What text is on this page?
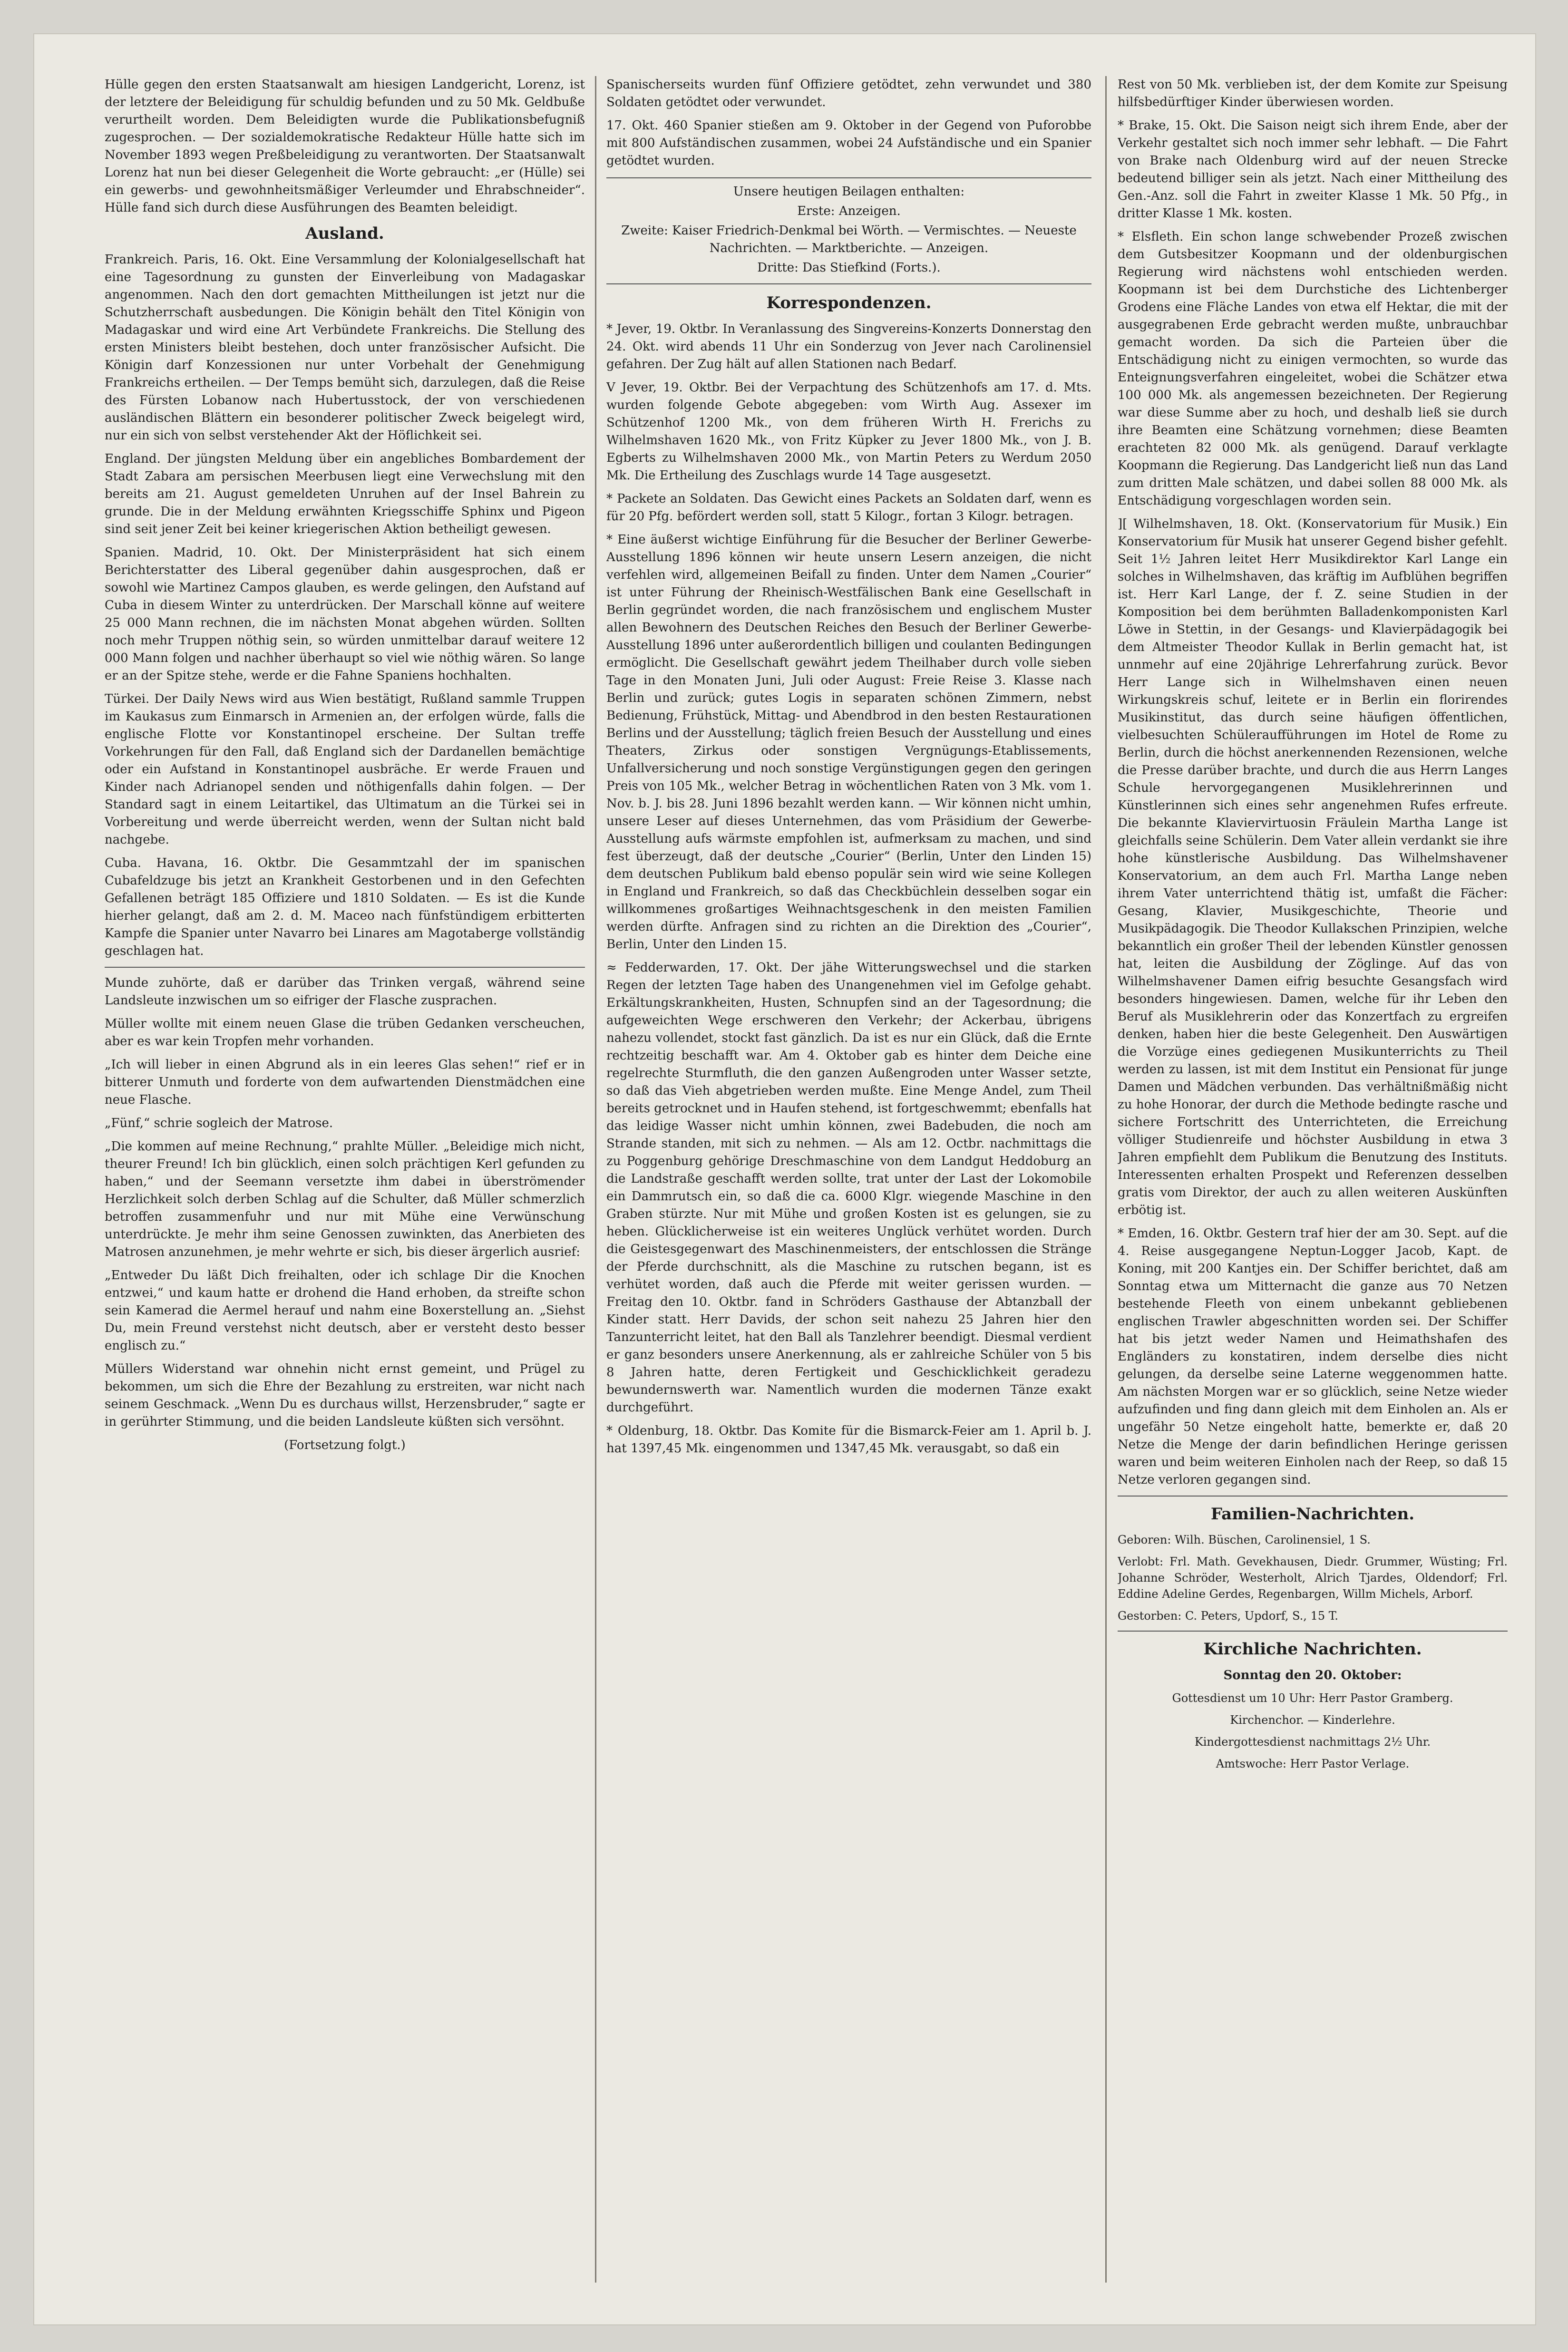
Hülle gegen den ersten Staatsanwalt am hiesigen Landgericht, Lorenz, ist der letztere der Beleidigung für schuldig befunden und zu 50 Mk. Geldbuße verurtheilt worden. Dem Beleidigten wurde die Publikationsbefugniß zugesprochen. — Der sozialdemokratische Redakteur Hülle hatte sich im November 1893 wegen Preßbeleidigung zu verantworten. Der Staatsanwalt Lorenz hat nun bei dieser Gelegenheit die Worte gebraucht: „er (Hülle) sei ein gewerbs- und gewohnheitsmäßiger Verleumder und Ehrabschneider“. Hülle fand sich durch diese Ausführungen des Beamten beleidigt.

Ausland.

Frankreich. Paris, 16. Okt. Eine Versammlung der Kolonialgesellschaft hat eine Tagesordnung zu gunsten der Einverleibung von Madagaskar angenommen. Nach den dort gemachten Mittheilungen ist jetzt nur die Schutzherrschaft ausbedungen. Die Königin behält den Titel Königin von Madagaskar und wird eine Art Verbündete Frankreichs. Die Stellung des ersten Ministers bleibt bestehen, doch unter französischer Aufsicht. Die Königin darf Konzessionen nur unter Vorbehalt der Genehmigung Frankreichs ertheilen. — Der Temps bemüht sich, darzulegen, daß die Reise des Fürsten Lobanow nach Hubertusstock, der von verschiedenen ausländischen Blättern ein besonderer politischer Zweck beigelegt wird, nur ein sich von selbst verstehender Akt der Höflichkeit sei.

England. Der jüngsten Meldung über ein angebliches Bombardement der Stadt Zabara am persischen Meerbusen liegt eine Verwechslung mit den bereits am 21. August gemeldeten Unruhen auf der Insel Bahrein zu grunde. Die in der Meldung erwähnten Kriegsschiffe Sphinx und Pigeon sind seit jener Zeit bei keiner kriegerischen Aktion betheiligt gewesen.

Spanien. Madrid, 10. Okt. Der Ministerpräsident hat sich einem Berichterstatter des Liberal gegenüber dahin ausgesprochen, daß er sowohl wie Martinez Campos glauben, es werde gelingen, den Aufstand auf Cuba in diesem Winter zu unterdrücken. Der Marschall könne auf weitere 25 000 Mann rechnen, die im nächsten Monat abgehen würden. Sollten noch mehr Truppen nöthig sein, so würden unmittelbar darauf weitere 12 000 Mann folgen und nachher überhaupt so viel wie nöthig wären. So lange er an der Spitze stehe, werde er die Fahne Spaniens hochhalten.

Türkei. Der Daily News wird aus Wien bestätigt, Rußland sammle Truppen im Kaukasus zum Einmarsch in Armenien an, der erfolgen würde, falls die englische Flotte vor Konstantinopel erscheine. Der Sultan treffe Vorkehrungen für den Fall, daß England sich der Dardanellen bemächtige oder ein Aufstand in Konstantinopel ausbräche. Er werde Frauen und Kinder nach Adrianopel senden und nöthigenfalls dahin folgen. — Der Standard sagt in einem Leitartikel, das Ultimatum an die Türkei sei in Vorbereitung und werde überreicht werden, wenn der Sultan nicht bald nachgebe.

Cuba. Havana, 16. Oktbr. Die Gesammtzahl der im spanischen Cubafeldzuge bis jetzt an Krankheit Gestorbenen und in den Gefechten Gefallenen beträgt 185 Offiziere und 1810 Soldaten. — Es ist die Kunde hierher gelangt, daß am 2. d. M. Maceo nach fünfstündigem erbitterten Kampfe die Spanier unter Navarro bei Linares am Magotaberge vollständig geschlagen hat.

Munde zuhörte, daß er darüber das Trinken vergaß, während seine Landsleute inzwischen um so eifriger der Flasche zusprachen.

Müller wollte mit einem neuen Glase die trüben Gedanken verscheuchen, aber es war kein Tropfen mehr vorhanden.

„Ich will lieber in einen Abgrund als in ein leeres Glas sehen!“ rief er in bitterer Unmuth und forderte von dem aufwartenden Dienstmädchen eine neue Flasche.

„Fünf,“ schrie sogleich der Matrose.

„Die kommen auf meine Rechnung,“ prahlte Müller. „Beleidige mich nicht, theurer Freund! Ich bin glücklich, einen solch prächtigen Kerl gefunden zu haben,“ und der Seemann versetzte ihm dabei in überströmender Herzlichkeit solch derben Schlag auf die Schulter, daß Müller schmerzlich betroffen zusammenfuhr und nur mit Mühe eine Verwünschung unterdrückte. Je mehr ihm seine Genossen zuwinkten, das Anerbieten des Matrosen anzunehmen, je mehr wehrte er sich, bis dieser ärgerlich ausrief:

„Entweder Du läßt Dich freihalten, oder ich schlage Dir die Knochen entzwei,“ und kaum hatte er drohend die Hand erhoben, da streifte schon sein Kamerad die Aermel herauf und nahm eine Boxerstellung an. „Siehst Du, mein Freund verstehst nicht deutsch, aber er versteht desto besser englisch zu.“

Müllers Widerstand war ohnehin nicht ernst gemeint, und Prügel zu bekommen, um sich die Ehre der Bezahlung zu erstreiten, war nicht nach seinem Geschmack. „Wenn Du es durchaus willst, Herzensbruder,“ sagte er in gerührter Stimmung, und die beiden Landsleute küßten sich versöhnt.

(Fortsetzung folgt.)

Spanischerseits wurden fünf Offiziere getödtet, zehn verwundet und 380 Soldaten getödtet oder verwundet.

17. Okt. 460 Spanier stießen am 9. Oktober in der Gegend von Puforobbe mit 800 Aufständischen zusammen, wobei 24 Aufständische und ein Spanier getödtet wurden.

Unsere heutigen Beilagen enthalten:

Erste: Anzeigen.

Zweite: Kaiser Friedrich-Denkmal bei Wörth. — Vermischtes. — Neueste Nachrichten. — Marktberichte. — Anzeigen.

Dritte: Das Stiefkind (Forts.).

Korrespondenzen.

* Jever, 19. Oktbr. In Veranlassung des Singvereins-Konzerts Donnerstag den 24. Okt. wird abends 11 Uhr ein Sonderzug von Jever nach Carolinensiel gefahren. Der Zug hält auf allen Stationen nach Bedarf.

V Jever, 19. Oktbr. Bei der Verpachtung des Schützenhofs am 17. d. Mts. wurden folgende Gebote abgegeben: vom Wirth Aug. Assexer im Schützenhof 1200 Mk., von dem früheren Wirth H. Frerichs zu Wilhelmshaven 1620 Mk., von Fritz Küpker zu Jever 1800 Mk., von J. B. Egberts zu Wilhelmshaven 2000 Mk., von Martin Peters zu Werdum 2050 Mk. Die Ertheilung des Zuschlags wurde 14 Tage ausgesetzt.

* Packete an Soldaten. Das Gewicht eines Packets an Soldaten darf, wenn es für 20 Pfg. befördert werden soll, statt 5 Kilogr., fortan 3 Kilogr. betragen.

* Eine äußerst wichtige Einführung für die Besucher der Berliner Gewerbe-Ausstellung 1896 können wir heute unsern Lesern anzeigen, die nicht verfehlen wird, allgemeinen Beifall zu finden. Unter dem Namen „Courier“ ist unter Führung der Rheinisch-Westfälischen Bank eine Gesellschaft in Berlin gegründet worden, die nach französischem und englischem Muster allen Bewohnern des Deutschen Reiches den Besuch der Berliner Gewerbe-Ausstellung 1896 unter außerordentlich billigen und coulanten Bedingungen ermöglicht. Die Gesellschaft gewährt jedem Theilhaber durch volle sieben Tage in den Monaten Juni, Juli oder August: Freie Reise 3. Klasse nach Berlin und zurück; gutes Logis in separaten schönen Zimmern, nebst Bedienung, Frühstück, Mittag- und Abendbrod in den besten Restaurationen Berlins und der Ausstellung; täglich freien Besuch der Ausstellung und eines Theaters, Zirkus oder sonstigen Vergnügungs-Etablissements, Unfallversicherung und noch sonstige Vergünstigungen gegen den geringen Preis von 105 Mk., welcher Betrag in wöchentlichen Raten von 3 Mk. vom 1. Nov. b. J. bis 28. Juni 1896 bezahlt werden kann. — Wir können nicht umhin, unsere Leser auf dieses Unternehmen, das vom Präsidium der Gewerbe-Ausstellung aufs wärmste empfohlen ist, aufmerksam zu machen, und sind fest überzeugt, daß der deutsche „Courier“ (Berlin, Unter den Linden 15) dem deutschen Publikum bald ebenso populär sein wird wie seine Kollegen in England und Frankreich, so daß das Checkbüchlein desselben sogar ein willkommenes großartiges Weihnachtsgeschenk in den meisten Familien werden dürfte. Anfragen sind zu richten an die Direktion des „Courier“, Berlin, Unter den Linden 15.

≈ Fedderwarden, 17. Okt. Der jähe Witterungswechsel und die starken Regen der letzten Tage haben des Unangenehmen viel im Gefolge gehabt. Erkältungskrankheiten, Husten, Schnupfen sind an der Tagesordnung; die aufgeweichten Wege erschweren den Verkehr; der Ackerbau, übrigens nahezu vollendet, stockt fast gänzlich. Da ist es nur ein Glück, daß die Ernte rechtzeitig beschafft war. Am 4. Oktober gab es hinter dem Deiche eine regelrechte Sturmfluth, die den ganzen Außengroden unter Wasser setzte, so daß das Vieh abgetrieben werden mußte. Eine Menge Andel, zum Theil bereits getrocknet und in Haufen stehend, ist fortgeschwemmt; ebenfalls hat das leidige Wasser nicht umhin können, zwei Badebuden, die noch am Strande standen, mit sich zu nehmen. — Als am 12. Octbr. nachmittags die zu Poggenburg gehörige Dreschmaschine von dem Landgut Heddoburg an die Landstraße geschafft werden sollte, trat unter der Last der Lokomobile ein Dammrutsch ein, so daß die ca. 6000 Klgr. wiegende Maschine in den Graben stürzte. Nur mit Mühe und großen Kosten ist es gelungen, sie zu heben. Glücklicherweise ist ein weiteres Unglück verhütet worden. Durch die Geistesgegenwart des Maschinenmeisters, der entschlossen die Stränge der Pferde durchschnitt, als die Maschine zu rutschen begann, ist es verhütet worden, daß auch die Pferde mit weiter gerissen wurden. — Freitag den 10. Oktbr. fand in Schröders Gasthause der Abtanzball der Kinder statt. Herr Davids, der schon seit nahezu 25 Jahren hier den Tanzunterricht leitet, hat den Ball als Tanzlehrer beendigt. Diesmal verdient er ganz besonders unsere Anerkennung, als er zahlreiche Schüler von 5 bis 8 Jahren hatte, deren Fertigkeit und Geschicklichkeit geradezu bewundernswerth war. Namentlich wurden die modernen Tänze exakt durchgeführt.

* Oldenburg, 18. Oktbr. Das Komite für die Bismarck-Feier am 1. April b. J. hat 1397,45 Mk. eingenommen und 1347,45 Mk. verausgabt, so daß ein

Rest von 50 Mk. verblieben ist, der dem Komite zur Speisung hilfsbedürftiger Kinder überwiesen worden.

* Brake, 15. Okt. Die Saison neigt sich ihrem Ende, aber der Verkehr gestaltet sich noch immer sehr lebhaft. — Die Fahrt von Brake nach Oldenburg wird auf der neuen Strecke bedeutend billiger sein als jetzt. Nach einer Mittheilung des Gen.-Anz. soll die Fahrt in zweiter Klasse 1 Mk. 50 Pfg., in dritter Klasse 1 Mk. kosten.

* Elsfleth. Ein schon lange schwebender Prozeß zwischen dem Gutsbesitzer Koopmann und der oldenburgischen Regierung wird nächstens wohl entschieden werden. Koopmann ist bei dem Durchstiche des Lichtenberger Grodens eine Fläche Landes von etwa elf Hektar, die mit der ausgegrabenen Erde gebracht werden mußte, unbrauchbar gemacht worden. Da sich die Parteien über die Entschädigung nicht zu einigen vermochten, so wurde das Enteignungsverfahren eingeleitet, wobei die Schätzer etwa 100 000 Mk. als angemessen bezeichneten. Der Regierung war diese Summe aber zu hoch, und deshalb ließ sie durch ihre Beamten eine Schätzung vornehmen; diese Beamten erachteten 82 000 Mk. als genügend. Darauf verklagte Koopmann die Regierung. Das Landgericht ließ nun das Land zum dritten Male schätzen, und dabei sollen 88 000 Mk. als Entschädigung vorgeschlagen worden sein.

][ Wilhelmshaven, 18. Okt. (Konservatorium für Musik.) Ein Konservatorium für Musik hat unserer Gegend bisher gefehlt. Seit 1½ Jahren leitet Herr Musikdirektor Karl Lange ein solches in Wilhelmshaven, das kräftig im Aufblühen begriffen ist. Herr Karl Lange, der f. Z. seine Studien in der Komposition bei dem berühmten Balladenkomponisten Karl Löwe in Stettin, in der Gesangs- und Klavierpädagogik bei dem Altmeister Theodor Kullak in Berlin gemacht hat, ist unnmehr auf eine 20jährige Lehrerfahrung zurück. Bevor Herr Lange sich in Wilhelmshaven einen neuen Wirkungskreis schuf, leitete er in Berlin ein florirendes Musikinstitut, das durch seine häufigen öffentlichen, vielbesuchten Schüleraufführungen im Hotel de Rome zu Berlin, durch die höchst anerkennenden Rezensionen, welche die Presse darüber brachte, und durch die aus Herrn Langes Schule hervorgegangenen Musiklehrerinnen und Künstlerinnen sich eines sehr angenehmen Rufes erfreute. Die bekannte Klaviervirtuosin Fräulein Martha Lange ist gleichfalls seine Schülerin. Dem Vater allein verdankt sie ihre hohe künstlerische Ausbildung. Das Wilhelmshavener Konservatorium, an dem auch Frl. Martha Lange neben ihrem Vater unterrichtend thätig ist, umfaßt die Fächer: Gesang, Klavier, Musikgeschichte, Theorie und Musikpädagogik. Die Theodor Kullakschen Prinzipien, welche bekanntlich ein großer Theil der lebenden Künstler genossen hat, leiten die Ausbildung der Zöglinge. Auf das von Wilhelmshavener Damen eifrig besuchte Gesangsfach wird besonders hingewiesen. Damen, welche für ihr Leben den Beruf als Musiklehrerin oder das Konzertfach zu ergreifen denken, haben hier die beste Gelegenheit. Den Auswärtigen die Vorzüge eines gediegenen Musikunterrichts zu Theil werden zu lassen, ist mit dem Institut ein Pensionat für junge Damen und Mädchen verbunden. Das verhältnißmäßig nicht zu hohe Honorar, der durch die Methode bedingte rasche und sichere Fortschritt des Unterrichteten, die Erreichung völliger Studienreife und höchster Ausbildung in etwa 3 Jahren empfiehlt dem Publikum die Benutzung des Instituts. Interessenten erhalten Prospekt und Referenzen desselben gratis vom Direktor, der auch zu allen weiteren Auskünften erbötig ist.

* Emden, 16. Oktbr. Gestern traf hier der am 30. Sept. auf die 4. Reise ausgegangene Neptun-Logger Jacob, Kapt. de Koning, mit 200 Kantjes ein. Der Schiffer berichtet, daß am Sonntag etwa um Mitternacht die ganze aus 70 Netzen bestehende Fleeth von einem unbekannt gebliebenen englischen Trawler abgeschnitten worden sei. Der Schiffer hat bis jetzt weder Namen und Heimathshafen des Engländers zu konstatiren, indem derselbe dies nicht gelungen, da derselbe seine Laterne weggenommen hatte. Am nächsten Morgen war er so glücklich, seine Netze wieder aufzufinden und fing dann gleich mit dem Einholen an. Als er ungefähr 50 Netze eingeholt hatte, bemerkte er, daß 20 Netze die Menge der darin befindlichen Heringe gerissen waren und beim weiteren Einholen nach der Reep, so daß 15 Netze verloren gegangen sind.

Familien-Nachrichten.

Geboren: Wilh. Büschen, Carolinensiel, 1 S.

Verlobt: Frl. Math. Gevekhausen, Diedr. Grummer, Wüsting; Frl. Johanne Schröder, Westerholt, Alrich Tjardes, Oldendorf; Frl. Eddine Adeline Gerdes, Regenbargen, Willm Michels, Arborf.

Gestorben: C. Peters, Updorf, S., 15 T.

Kirchliche Nachrichten.

Sonntag den 20. Oktober:

Gottesdienst um 10 Uhr: Herr Pastor Gramberg.

Kirchenchor. — Kinderlehre.

Kindergottesdienst nachmittags 2½ Uhr.

Amtswoche: Herr Pastor Verlage.
